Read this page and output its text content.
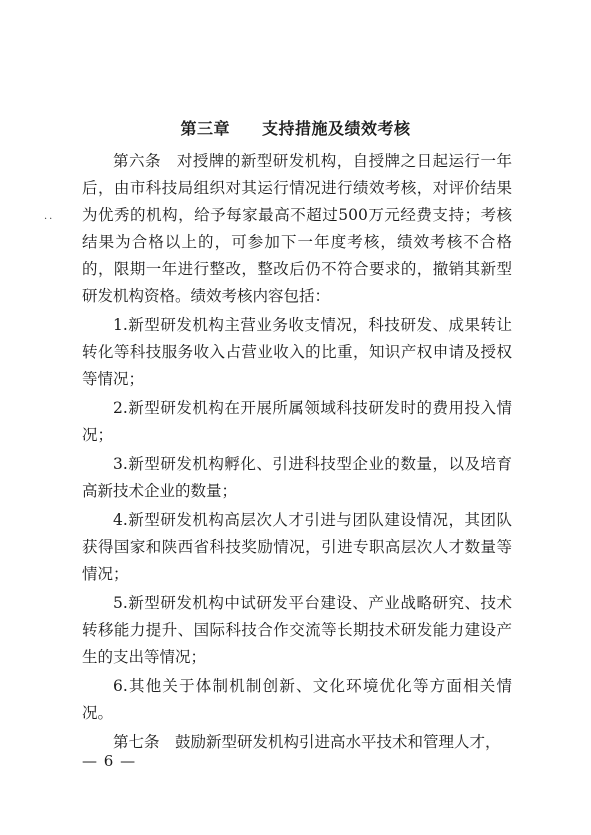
第三章 支持措施及绩效考核
··

第六条　对授牌的新型研发机构，自授牌之日起运行一年后，由市科技局组织对其运行情况进行绩效考核，对评价结果为优秀的机构，给予每家最高不超过500万元经费支持；考核结果为合格以上的，可参加下一年度考核，绩效考核不合格的，限期一年进行整改，整改后仍不符合要求的，撤销其新型研发机构资格。绩效考核内容包括：

1.新型研发机构主营业务收支情况，科技研发、成果转让转化等科技服务收入占营业收入的比重，知识产权申请及授权等情况；

2.新型研发机构在开展所属领域科技研发时的费用投入情况；

3.新型研发机构孵化、引进科技型企业的数量，以及培育高新技术企业的数量；

4.新型研发机构高层次人才引进与团队建设情况，其团队获得国家和陕西省科技奖励情况，引进专职高层次人才数量等情况；

5.新型研发机构中试研发平台建设、产业战略研究、技术转移能力提升、国际科技合作交流等长期技术研发能力建设产生的支出等情况；

6.其他关于体制机制创新、文化环境优化等方面相关情况。

第七条　鼓励新型研发机构引进高水平技术和管理人才，

— 6 —
